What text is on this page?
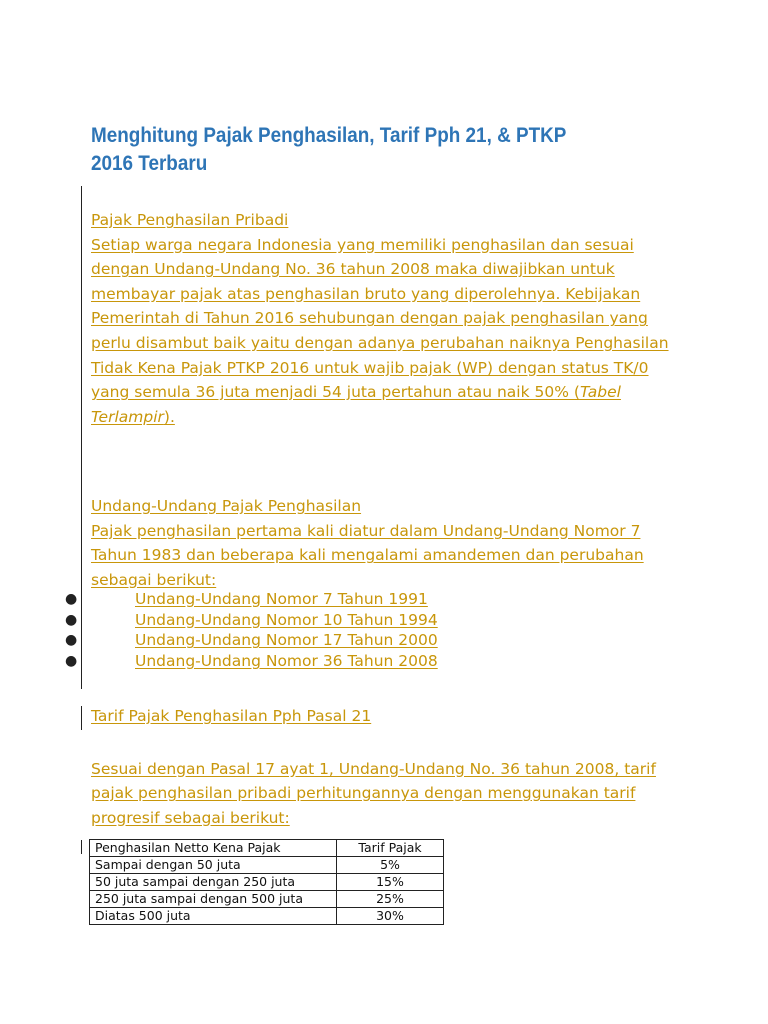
Menghitung Pajak Penghasilan, Tarif Pph 21, & PTKP 2016 Terbaru

Pajak Penghasilan Pribadi

Setiap warga negara Indonesia yang memiliki penghasilan dan sesuai dengan Undang-Undang No. 36 tahun 2008 maka diwajibkan untuk membayar pajak atas penghasilan bruto yang diperolehnya. Kebijakan Pemerintah di Tahun 2016 sehubungan dengan pajak penghasilan yang perlu disambut baik yaitu dengan adanya perubahan naiknya Penghasilan Tidak Kena Pajak PTKP 2016 untuk wajib pajak (WP) dengan status TK/0 yang semula 36 juta menjadi 54 juta pertahun atau naik 50% (Tabel Terlampir).

Undang-Undang Pajak Penghasilan

Pajak penghasilan pertama kali diatur dalam Undang-Undang Nomor 7 Tahun 1983 dan beberapa kali mengalami amandemen dan perubahan sebagai berikut:

●	Undang-Undang Nomor 7 Tahun 1991
●	Undang-Undang Nomor 10 Tahun 1994
●	Undang-Undang Nomor 17 Tahun 2000
●	Undang-Undang Nomor 36 Tahun 2008

Tarif Pajak Penghasilan Pph Pasal 21

Sesuai dengan Pasal 17 ayat 1, Undang-Undang No. 36 tahun 2008, tarif pajak penghasilan pribadi perhitungannya dengan menggunakan tarif progresif sebagai berikut:

Penghasilan Netto Kena Pajak	Tarif Pajak
Sampai dengan 50 juta	5%
50 juta sampai dengan 250 juta	15%
250 juta sampai dengan 500 juta	25%
Diatas 500 juta	30%
